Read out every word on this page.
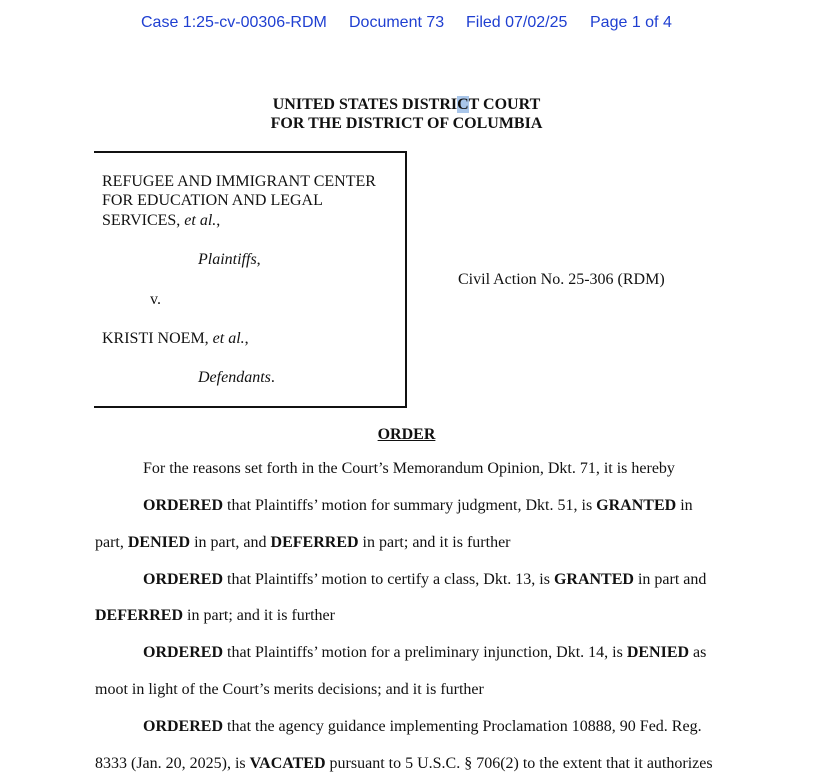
Case 1:25-cv-00306-RDM Document 73 Filed 07/02/25 Page 1 of 4
UNITED STATES DISTRICT COURT
FOR THE DISTRICT OF COLUMBIA
REFUGEE AND IMMIGRANT CENTER
FOR EDUCATION AND LEGAL
SERVICES, et al.,
Plaintiffs,
v.
KRISTI NOEM, et al.,
Defendants.
Civil Action No. 25-306 (RDM)
ORDER
For the reasons set forth in the Court’s Memorandum Opinion, Dkt. 71, it is hereby
ORDERED that Plaintiffs’ motion for summary judgment, Dkt. 51, is GRANTED in
part, DENIED in part, and DEFERRED in part; and it is further
ORDERED that Plaintiffs’ motion to certify a class, Dkt. 13, is GRANTED in part and
DEFERRED in part; and it is further
ORDERED that Plaintiffs’ motion for a preliminary injunction, Dkt. 14, is DENIED as
moot in light of the Court’s merits decisions; and it is further
ORDERED that the agency guidance implementing Proclamation 10888, 90 Fed. Reg.
8333 (Jan. 20, 2025), is VACATED pursuant to 5 U.S.C. § 706(2) to the extent that it authorizes
